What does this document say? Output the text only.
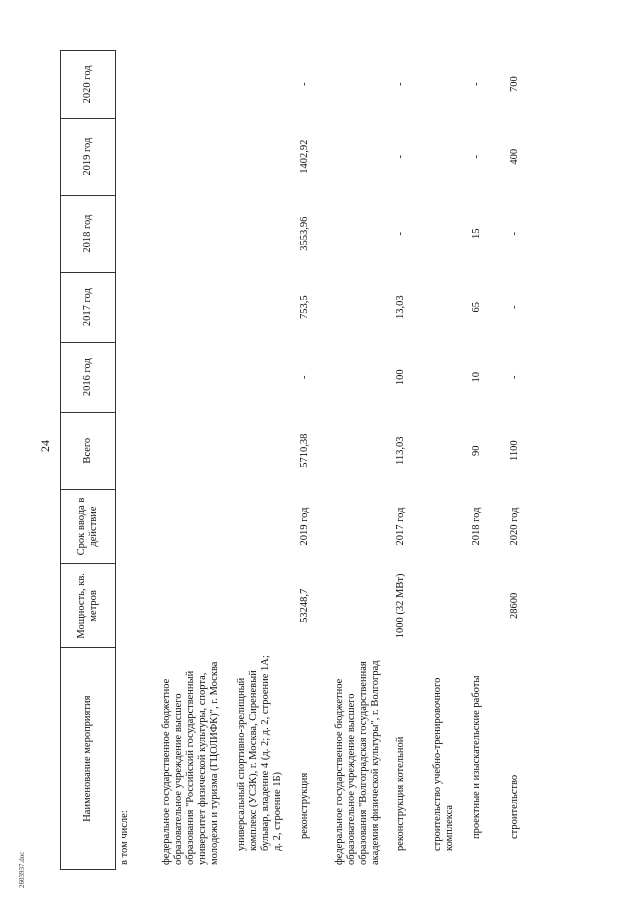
24
2603937.doc
Наименование мероприятия	Мощность, кв. метров	Срок ввода в действие	Всего	2016 год	2017 год	2018 год	2019 год	2020 год
в том числе:								
федеральное государственное бюджетное образовательное учреждение высшего образования "Российский государственный университет физической культуры, спорта, молодежи и туризма (ГЦОЛИФК)", г. Москва								
универсальный спортивно-зрелищный комплекс (УСЗК), г. Москва, Сиреневый бульвар, владение 4 (д. 2; д. 2, строение 1А; д. 2, строение 1Б)								
реконструкция	53248,7	2019 год	5710,38	-	753,5	3553,96	1402,92	-
федеральное государственное бюджетное образовательное учреждение высшего образования "Волгоградская государственная академия физической культуры", г. Волгоград								
реконструкция котельной	1000 (32 МВт)	2017 год	113,03	100	13,03	-	-	-
строительство учебно-тренировочного комплекса								
проектные и изыскательские работы		2018 год	90	10	65	15	-	-
строительство	28600	2020 год	1100	-	-	-	400	700
